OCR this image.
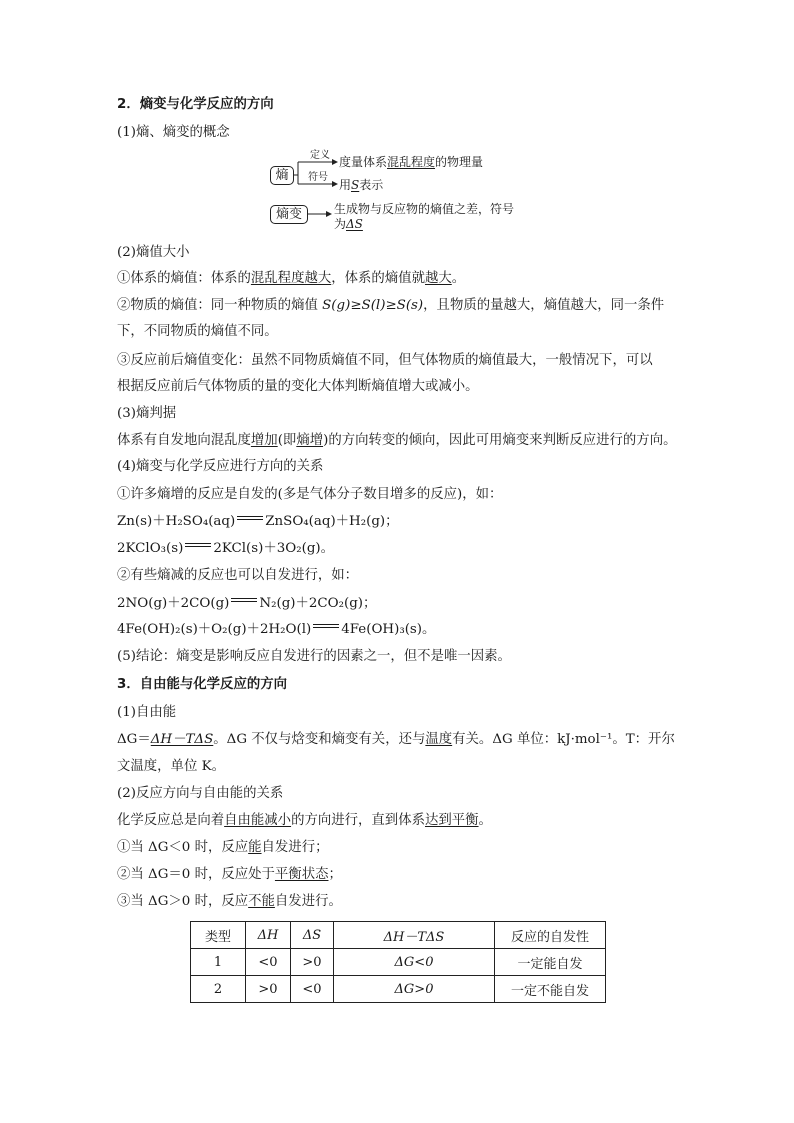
2．熵变与化学反应的方向
(1)熵、熵变的概念
熵
熵变
定义
符号
度量体系混乱程度的物理量
用S表示
生成物与反应物的熵值之差，符号
为ΔS
(2)熵值大小
①体系的熵值：体系的混乱程度越大，体系的熵值就越大。
②物质的熵值：同一种物质的熵值 S(g)≥S(l)≥S(s)，且物质的量越大，熵值越大，同一条件
下，不同物质的熵值不同。
③反应前后熵值变化：虽然不同物质熵值不同，但气体物质的熵值最大，一般情况下，可以
根据反应前后气体物质的量的变化大体判断熵值增大或减小。
(3)熵判据
体系有自发地向混乱度增加(即熵增)的方向转变的倾向，因此可用熵变来判断反应进行的方向。
(4)熵变与化学反应进行方向的关系
①许多熵增的反应是自发的(多是气体分子数目增多的反应)，如：
Zn(s)＋H₂SO₄(aq) ZnSO₄(aq)＋H₂(g)；
2KClO₃(s) 2KCl(s)＋3O₂(g)。
②有些熵减的反应也可以自发进行，如：
2NO(g)＋2CO(g) N₂(g)＋2CO₂(g)；
4Fe(OH)₂(s)＋O₂(g)＋2H₂O(l) 4Fe(OH)₃(s)。
(5)结论：熵变是影响反应自发进行的因素之一，但不是唯一因素。
3．自由能与化学反应的方向
(1)自由能
ΔG＝ΔH－TΔS。ΔG 不仅与焓变和熵变有关，还与温度有关。ΔG 单位：kJ·mol⁻¹。T：开尔
文温度，单位 K。
(2)反应方向与自由能的关系
化学反应总是向着自由能减小的方向进行，直到体系达到平衡。
①当 ΔG＜0 时，反应能自发进行；
②当 ΔG＝0 时，反应处于平衡状态；
③当 ΔG＞0 时，反应不能自发进行。
类型	ΔH	ΔS	ΔH－TΔS	反应的自发性
1	<0	>0	ΔG<0	一定能自发
2	>0	<0	ΔG>0	一定不能自发
